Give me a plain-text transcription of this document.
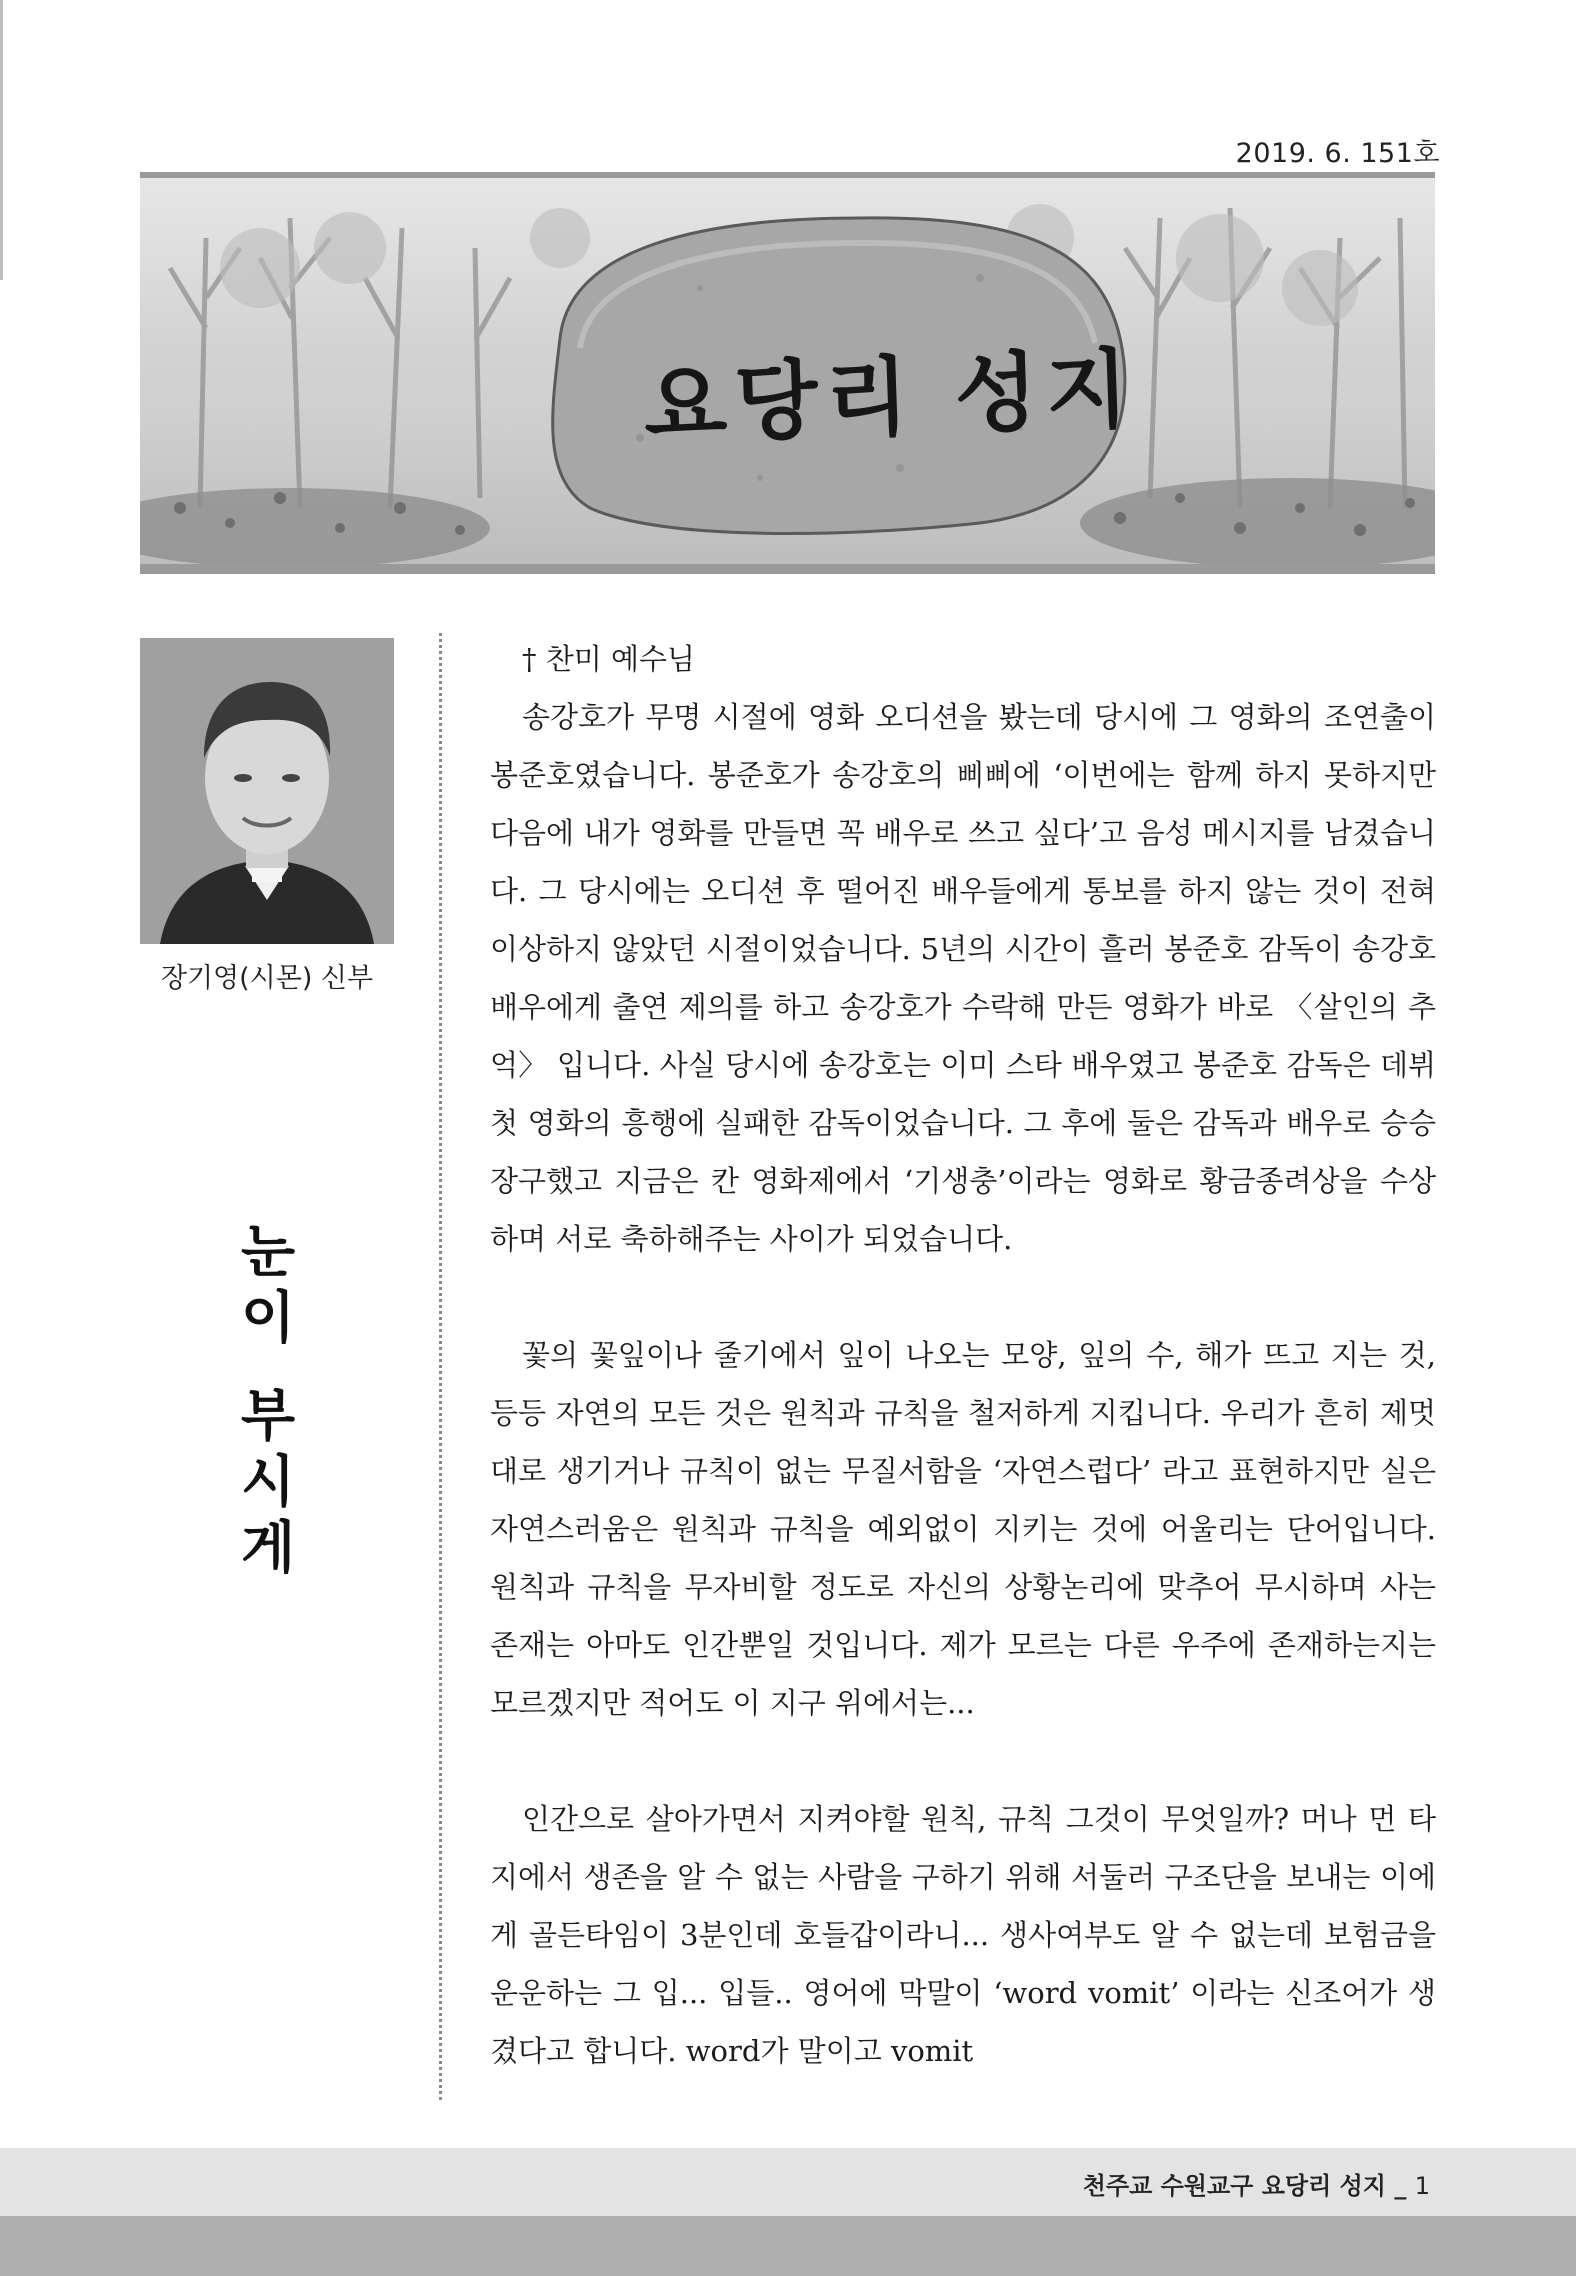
2019. 6. 151호
요당리 성지
장기영(시몬) 신부
눈
이
부
시
게

† 찬미 예수님

송강호가 무명 시절에 영화 오디션을 봤는데 당시에 그 영화의 조연출이 봉준호였습니다. 봉준호가 송강호의 삐삐에 ‘이번에는 함께 하지 못하지만 다음에 내가 영화를 만들면 꼭 배우로 쓰고 싶다’고 음성 메시지를 남겼습니다. 그 당시에는 오디션 후 떨어진 배우들에게 통보를 하지 않는 것이 전혀 이상하지 않았던 시절이었습니다. 5년의 시간이 흘러 봉준호 감독이 송강호 배우에게 출연 제의를 하고 송강호가 수락해 만든 영화가 바로 〈살인의 추억〉 입니다. 사실 당시에 송강호는 이미 스타 배우였고 봉준호 감독은 데뷔 첫 영화의 흥행에 실패한 감독이었습니다. 그 후에 둘은 감독과 배우로 승승장구했고 지금은 칸 영화제에서 ‘기생충’이라는 영화로 황금종려상을 수상하며 서로 축하해주는 사이가 되었습니다.

꽃의 꽃잎이나 줄기에서 잎이 나오는 모양, 잎의 수, 해가 뜨고 지는 것, 등등 자연의 모든 것은 원칙과 규칙을 철저하게 지킵니다. 우리가 흔히 제멋대로 생기거나 규칙이 없는 무질서함을 ‘자연스럽다’ 라고 표현하지만 실은 자연스러움은 원칙과 규칙을 예외없이 지키는 것에 어울리는 단어입니다. 원칙과 규칙을 무자비할 정도로 자신의 상황논리에 맞추어 무시하며 사는 존재는 아마도 인간뿐일 것입니다. 제가 모르는 다른 우주에 존재하는지는 모르겠지만 적어도 이 지구 위에서는...

인간으로 살아가면서 지켜야할 원칙, 규칙 그것이 무엇일까? 머나 먼 타지에서 생존을 알 수 없는 사람을 구하기 위해 서둘러 구조단을 보내는 이에게 골든타임이 3분인데 호들갑이라니... 생사여부도 알 수 없는데 보험금을 운운하는 그 입... 입들.. 영어에 막말이 ‘word vomit’ 이라는 신조어가 생겼다고 합니다. word가 말이고 vomit

천주교 수원교구 요당리 성지 _ 1
